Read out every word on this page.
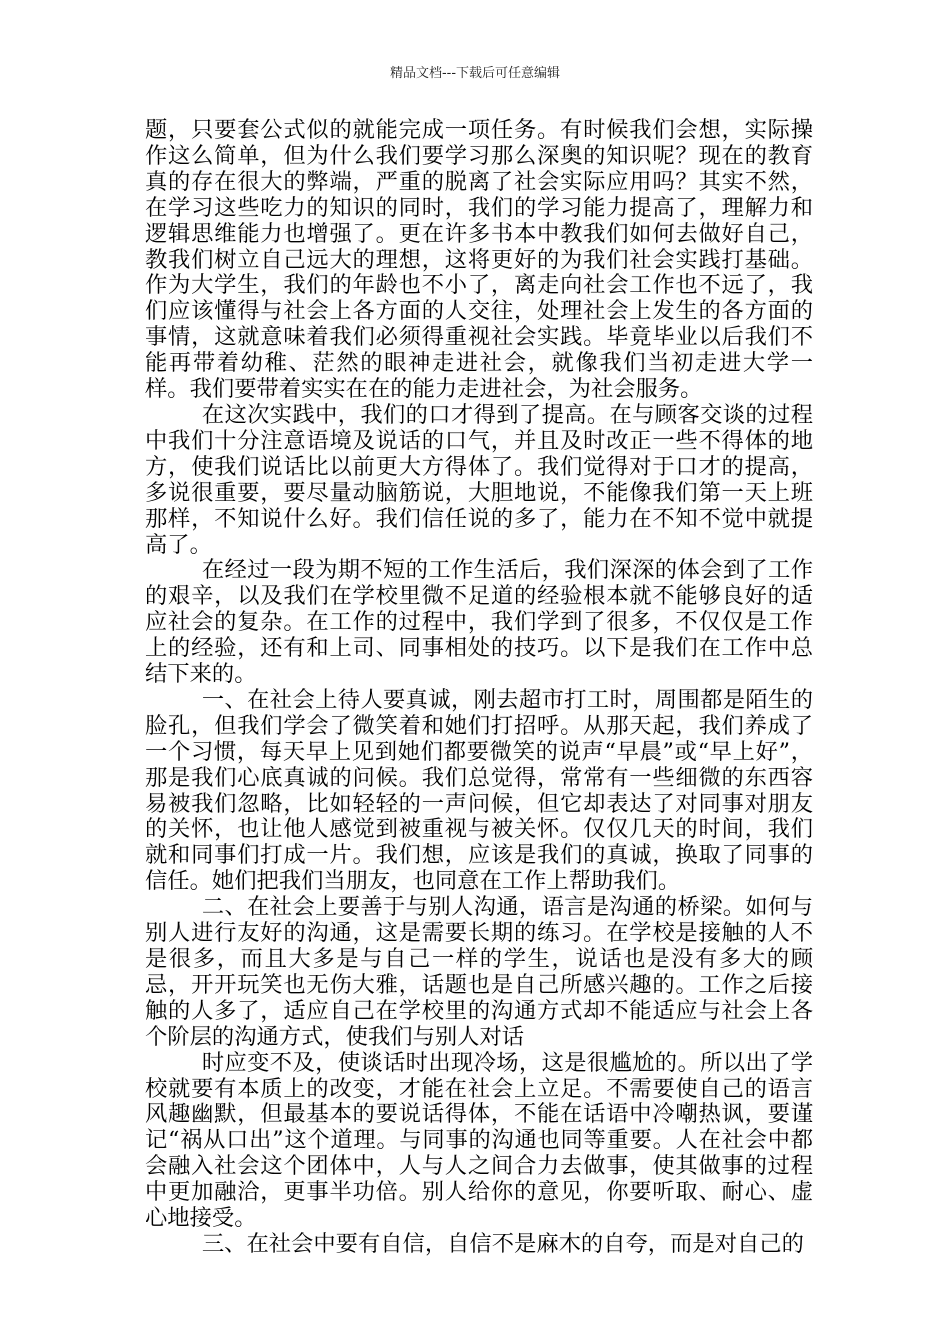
精品文档---下载后可任意编辑

题，只要套公式似的就能完成一项任务。有时候我们会想，实际操作这么简单，但为什么我们要学习那么深奥的知识呢？现在的教育真的存在很大的弊端，严重的脱离了社会实际应用吗？其实不然，在学习这些吃力的知识的同时，我们的学习能力提高了，理解力和逻辑思维能力也增强了。更在许多书本中教我们如何去做好自己，教我们树立自己远大的理想，这将更好的为我们社会实践打基础。作为大学生，我们的年龄也不小了，离走向社会工作也不远了，我们应该懂得与社会上各方面的人交往，处理社会上发生的各方面的事情，这就意味着我们必须得重视社会实践。毕竟毕业以后我们不能再带着幼稚、茫然的眼神走进社会，就像我们当初走进大学一样。我们要带着实实在在的能力走进社会，为社会服务。

在这次实践中，我们的口才得到了提高。在与顾客交谈的过程中我们十分注意语境及说话的口气，并且及时改正一些不得体的地方，使我们说话比以前更大方得体了。我们觉得对于口才的提高，多说很重要，要尽量动脑筋说，大胆地说，不能像我们第一天上班那样，不知说什么好。我们信任说的多了，能力在不知不觉中就提高了。

在经过一段为期不短的工作生活后，我们深深的体会到了工作的艰辛，以及我们在学校里微不足道的经验根本就不能够良好的适应社会的复杂。在工作的过程中，我们学到了很多，不仅仅是工作上的经验，还有和上司、同事相处的技巧。以下是我们在工作中总结下来的。

一、在社会上待人要真诚，刚去超市打工时，周围都是陌生的脸孔，但我们学会了微笑着和她们打招呼。从那天起，我们养成了一个习惯，每天早上见到她们都要微笑的说声“早晨”或“早上好”，那是我们心底真诚的问候。我们总觉得，常常有一些细微的东西容易被我们忽略，比如轻轻的一声问候，但它却表达了对同事对朋友的关怀，也让他人感觉到被重视与被关怀。仅仅几天的时间，我们就和同事们打成一片。我们想，应该是我们的真诚，换取了同事的信任。她们把我们当朋友，也同意在工作上帮助我们。

二、在社会上要善于与别人沟通，语言是沟通的桥梁。如何与别人进行友好的沟通，这是需要长期的练习。在学校是接触的人不是很多，而且大多是与自己一样的学生，说话也是没有多大的顾忌，开开玩笑也无伤大雅，话题也是自己所感兴趣的。工作之后接触的人多了，适应自己在学校里的沟通方式却不能适应与社会上各个阶层的沟通方式，使我们与别人对话

时应变不及，使谈话时出现冷场，这是很尴尬的。所以出了学校就要有本质上的改变，才能在社会上立足。不需要使自己的语言风趣幽默，但最基本的要说话得体，不能在话语中冷嘲热讽，要谨记“祸从口出”这个道理。与同事的沟通也同等重要。人在社会中都会融入社会这个团体中，人与人之间合力去做事，使其做事的过程中更加融洽，更事半功倍。别人给你的意见，你要听取、耐心、虚心地接受。

三、在社会中要有自信，自信不是麻木的自夸，而是对自己的
